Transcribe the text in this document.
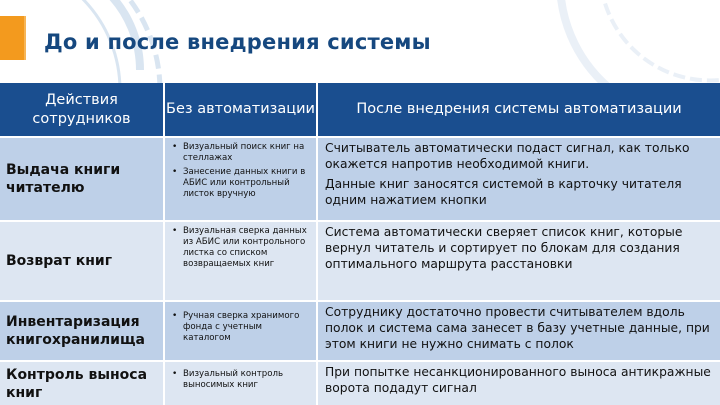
До и после внедрения системы
Действия сотрудников
Без автоматизации	После внедрения системы автоматизации
Выдача книги читателю
• Визуальный поиск книг на стеллажах
• Занесение данных книги в АБИС или контрольный листок вручную

Считыватель автоматически подаст сигнал, как только окажется напротив необходимой книги.

Данные книг заносятся системой в карточку читателя одним нажатием кнопки

Возврат книг
• Визуальная сверка данных из АБИС или контрольного листка со списком возвращаемых книг

Система автоматически сверяет список книг, которые вернул читатель и сортирует по блокам для создания оптимального маршрута расстановки

Инвентаризация книгохранилища
• Ручная сверка хранимого фонда с учетным каталогом

Сотруднику достаточно провести считывателем вдоль полок и система сама занесет в базу учетные данные, при этом книги не нужно снимать с полок

Контроль выноса книг
• Визуальный контроль выносимых книг

При попытке несанкционированного выноса антикражные ворота подадут сигнал
